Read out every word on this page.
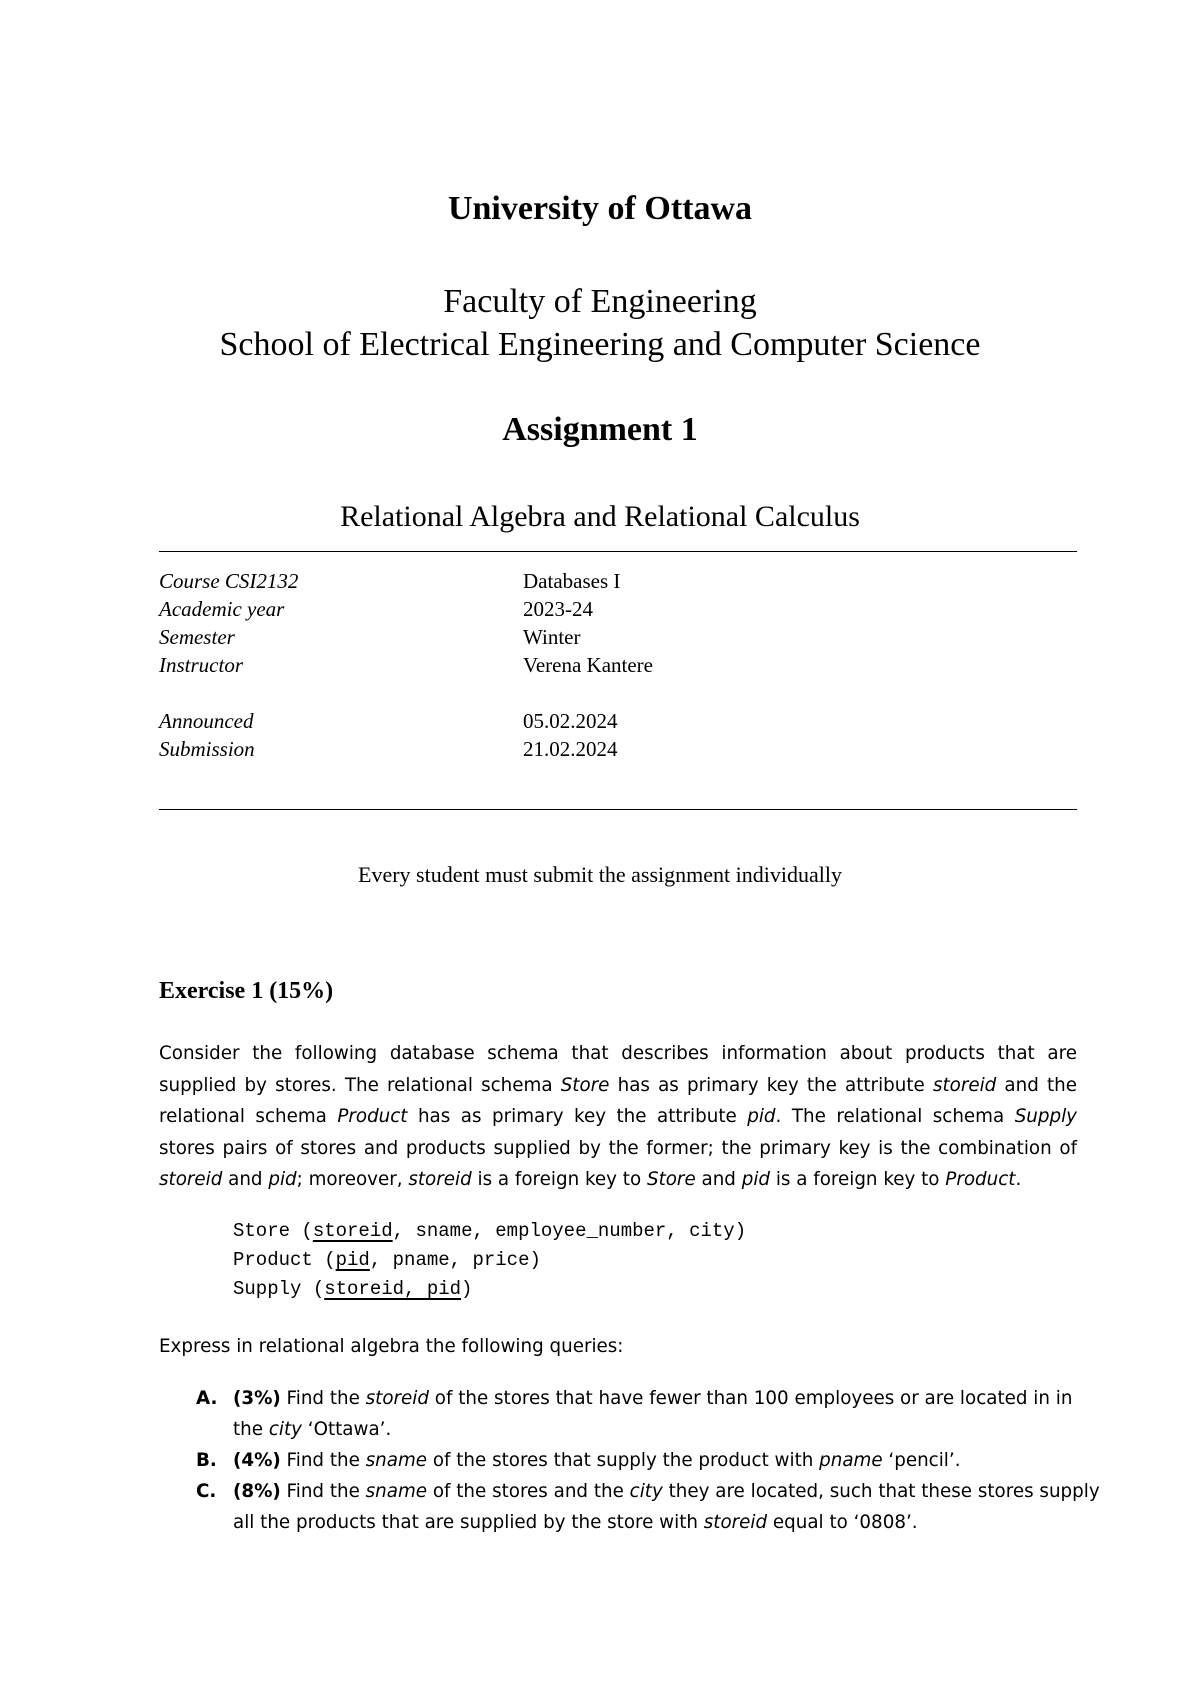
University of Ottawa
Faculty of Engineering
School of Electrical Engineering and Computer Science
Assignment 1
Relational Algebra and Relational Calculus
Course CSI2132	Databases I
Academic year	2023-24
Semester	Winter
Instructor	Verena Kantere
Announced	05.02.2024
Submission	21.02.2024
Every student must submit the assignment individually
Exercise 1 (15%)
Consider the following database schema that describes information about products that are supplied by stores. The relational schema Store has as primary key the attribute storeid and the relational schema Product has as primary key the attribute pid. The relational schema Supply stores pairs of stores and products supplied by the former; the primary key is the combination of storeid and pid; moreover, storeid is a foreign key to Store and pid is a foreign key to Product.
Store (storeid, sname, employee_number, city)
Product (pid, pname, price)
Supply (storeid, pid)
Express in relational algebra the following queries:
A. (3%) Find the storeid of the stores that have fewer than 100 employees or are located in in
the city ‘Ottawa’.
B. (4%) Find the sname of the stores that supply the product with pname ‘pencil’.
C. (8%) Find the sname of the stores and the city they are located, such that these stores supply
all the products that are supplied by the store with storeid equal to ‘0808’.
